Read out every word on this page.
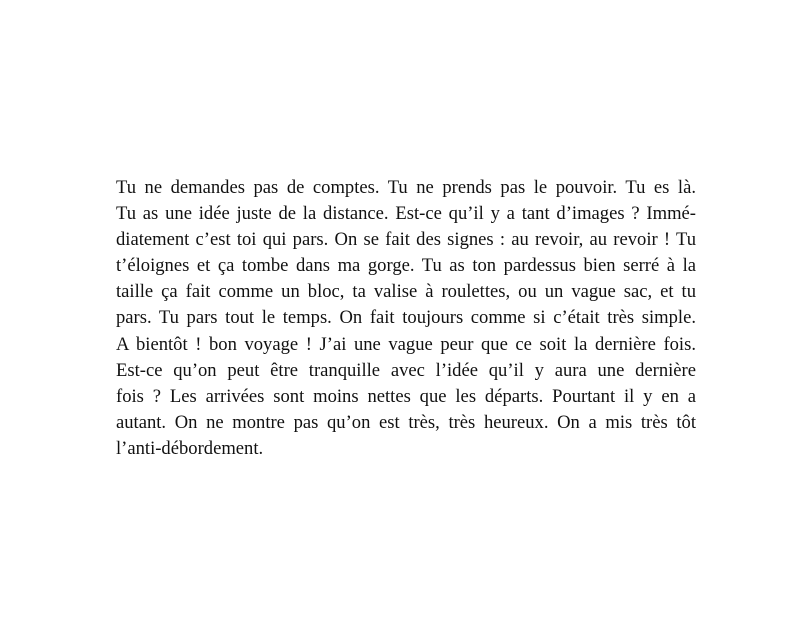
Tu ne demandes pas de comptes. Tu ne prends pas le pouvoir. Tu es là.
Tu as une idée juste de la distance. Est-ce qu’il y a tant d’images ? Immé-
diatement c’est toi qui pars. On se fait des signes : au revoir, au revoir ! Tu
t’éloignes et ça tombe dans ma gorge. Tu as ton pardessus bien serré à la
taille ça fait comme un bloc, ta valise à roulettes, ou un vague sac, et tu
pars. Tu pars tout le temps. On fait toujours comme si c’était très simple.
A bientôt ! bon voyage ! J’ai une vague peur que ce soit la dernière fois.
Est-ce qu’on peut être tranquille avec l’idée qu’il y aura une dernière
fois ? Les arrivées sont moins nettes que les départs. Pourtant il y en a
autant. On ne montre pas qu’on est très, très heureux. On a mis très tôt
l’anti-débordement.
